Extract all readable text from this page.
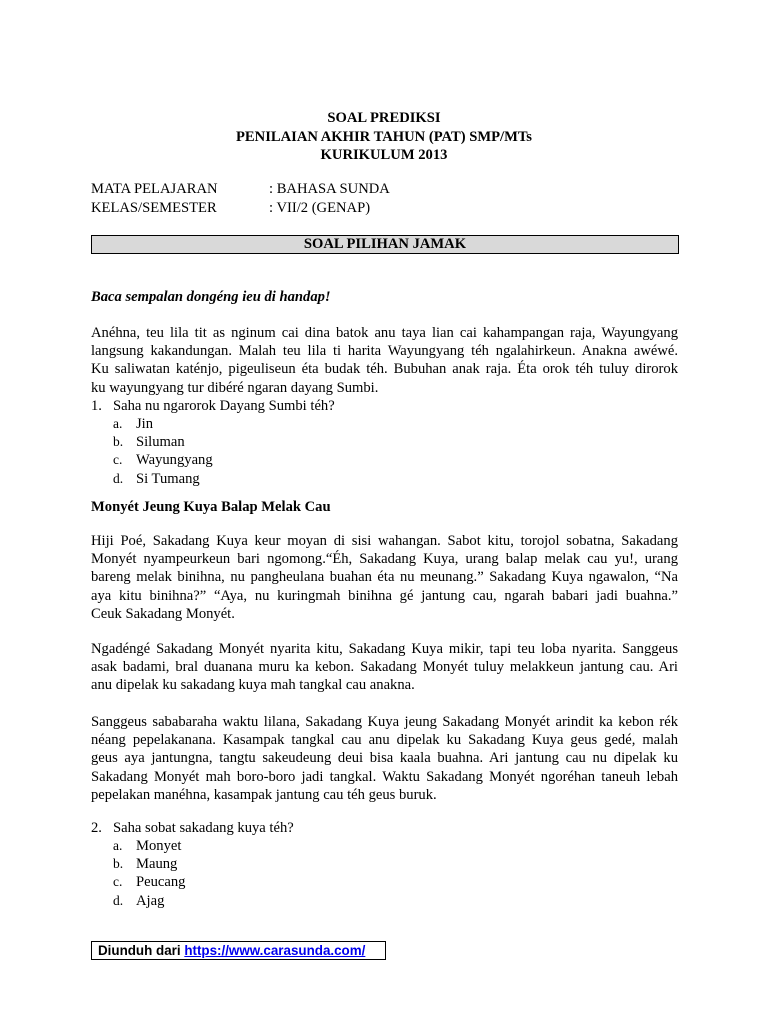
SOAL PREDIKSI
PENILAIAN AKHIR TAHUN (PAT) SMP/MTs
KURIKULUM 2013
MATA PELAJARAN	: BAHASA SUNDA
KELAS/SEMESTER	: VII/2 (GENAP)
SOAL PILIHAN JAMAK
Baca sempalan dongéng ieu di handap!
Anéhna, teu lila tit as nginum cai dina batok anu taya lian cai kahampangan raja, Wayungyang
langsung kakandungan. Malah teu lila ti harita Wayungyang téh ngalahirkeun. Anakna awéwé.
Ku saliwatan katénjo, pigeuliseun éta budak téh. Bubuhan anak raja. Éta orok téh tuluy dirorok
ku wayungyang tur dibéré ngaran dayang Sumbi.
1. Saha nu ngarorok Dayang Sumbi téh?
a. Jin
b. Siluman
c. Wayungyang
d. Si Tumang
Monyét Jeung Kuya Balap Melak Cau
Hiji Poé, Sakadang Kuya keur moyan di sisi wahangan. Sabot kitu, torojol sobatna, Sakadang
Monyét nyampeurkeun bari ngomong.“Éh, Sakadang Kuya, urang balap melak cau yu!, urang
bareng melak binihna, nu pangheulana buahan éta nu meunang.” Sakadang Kuya ngawalon, “Na
aya kitu binihna?” “Aya, nu kuringmah binihna gé jantung cau, ngarah babari jadi buahna.”
Ceuk Sakadang Monyét.
Ngadéngé Sakadang Monyét nyarita kitu, Sakadang Kuya mikir, tapi teu loba nyarita. Sanggeus
asak badami, bral duanana muru ka kebon. Sakadang Monyét tuluy melakkeun jantung cau. Ari
anu dipelak ku sakadang kuya mah tangkal cau anakna.
Sanggeus sababaraha waktu lilana, Sakadang Kuya jeung Sakadang Monyét arindit ka kebon rék
néang pepelakanana. Kasampak tangkal cau anu dipelak ku Sakadang Kuya geus gedé, malah
geus aya jantungna, tangtu sakeudeung deui bisa kaala buahna. Ari jantung cau nu dipelak ku
Sakadang Monyét mah boro-boro jadi tangkal. Waktu Sakadang Monyét ngoréhan taneuh lebah
pepelakan manéhna, kasampak jantung cau téh geus buruk.
2. Saha sobat sakadang kuya téh?
a. Monyet
b. Maung
c. Peucang
d. Ajag
Diunduh dari https://www.carasunda.com/
